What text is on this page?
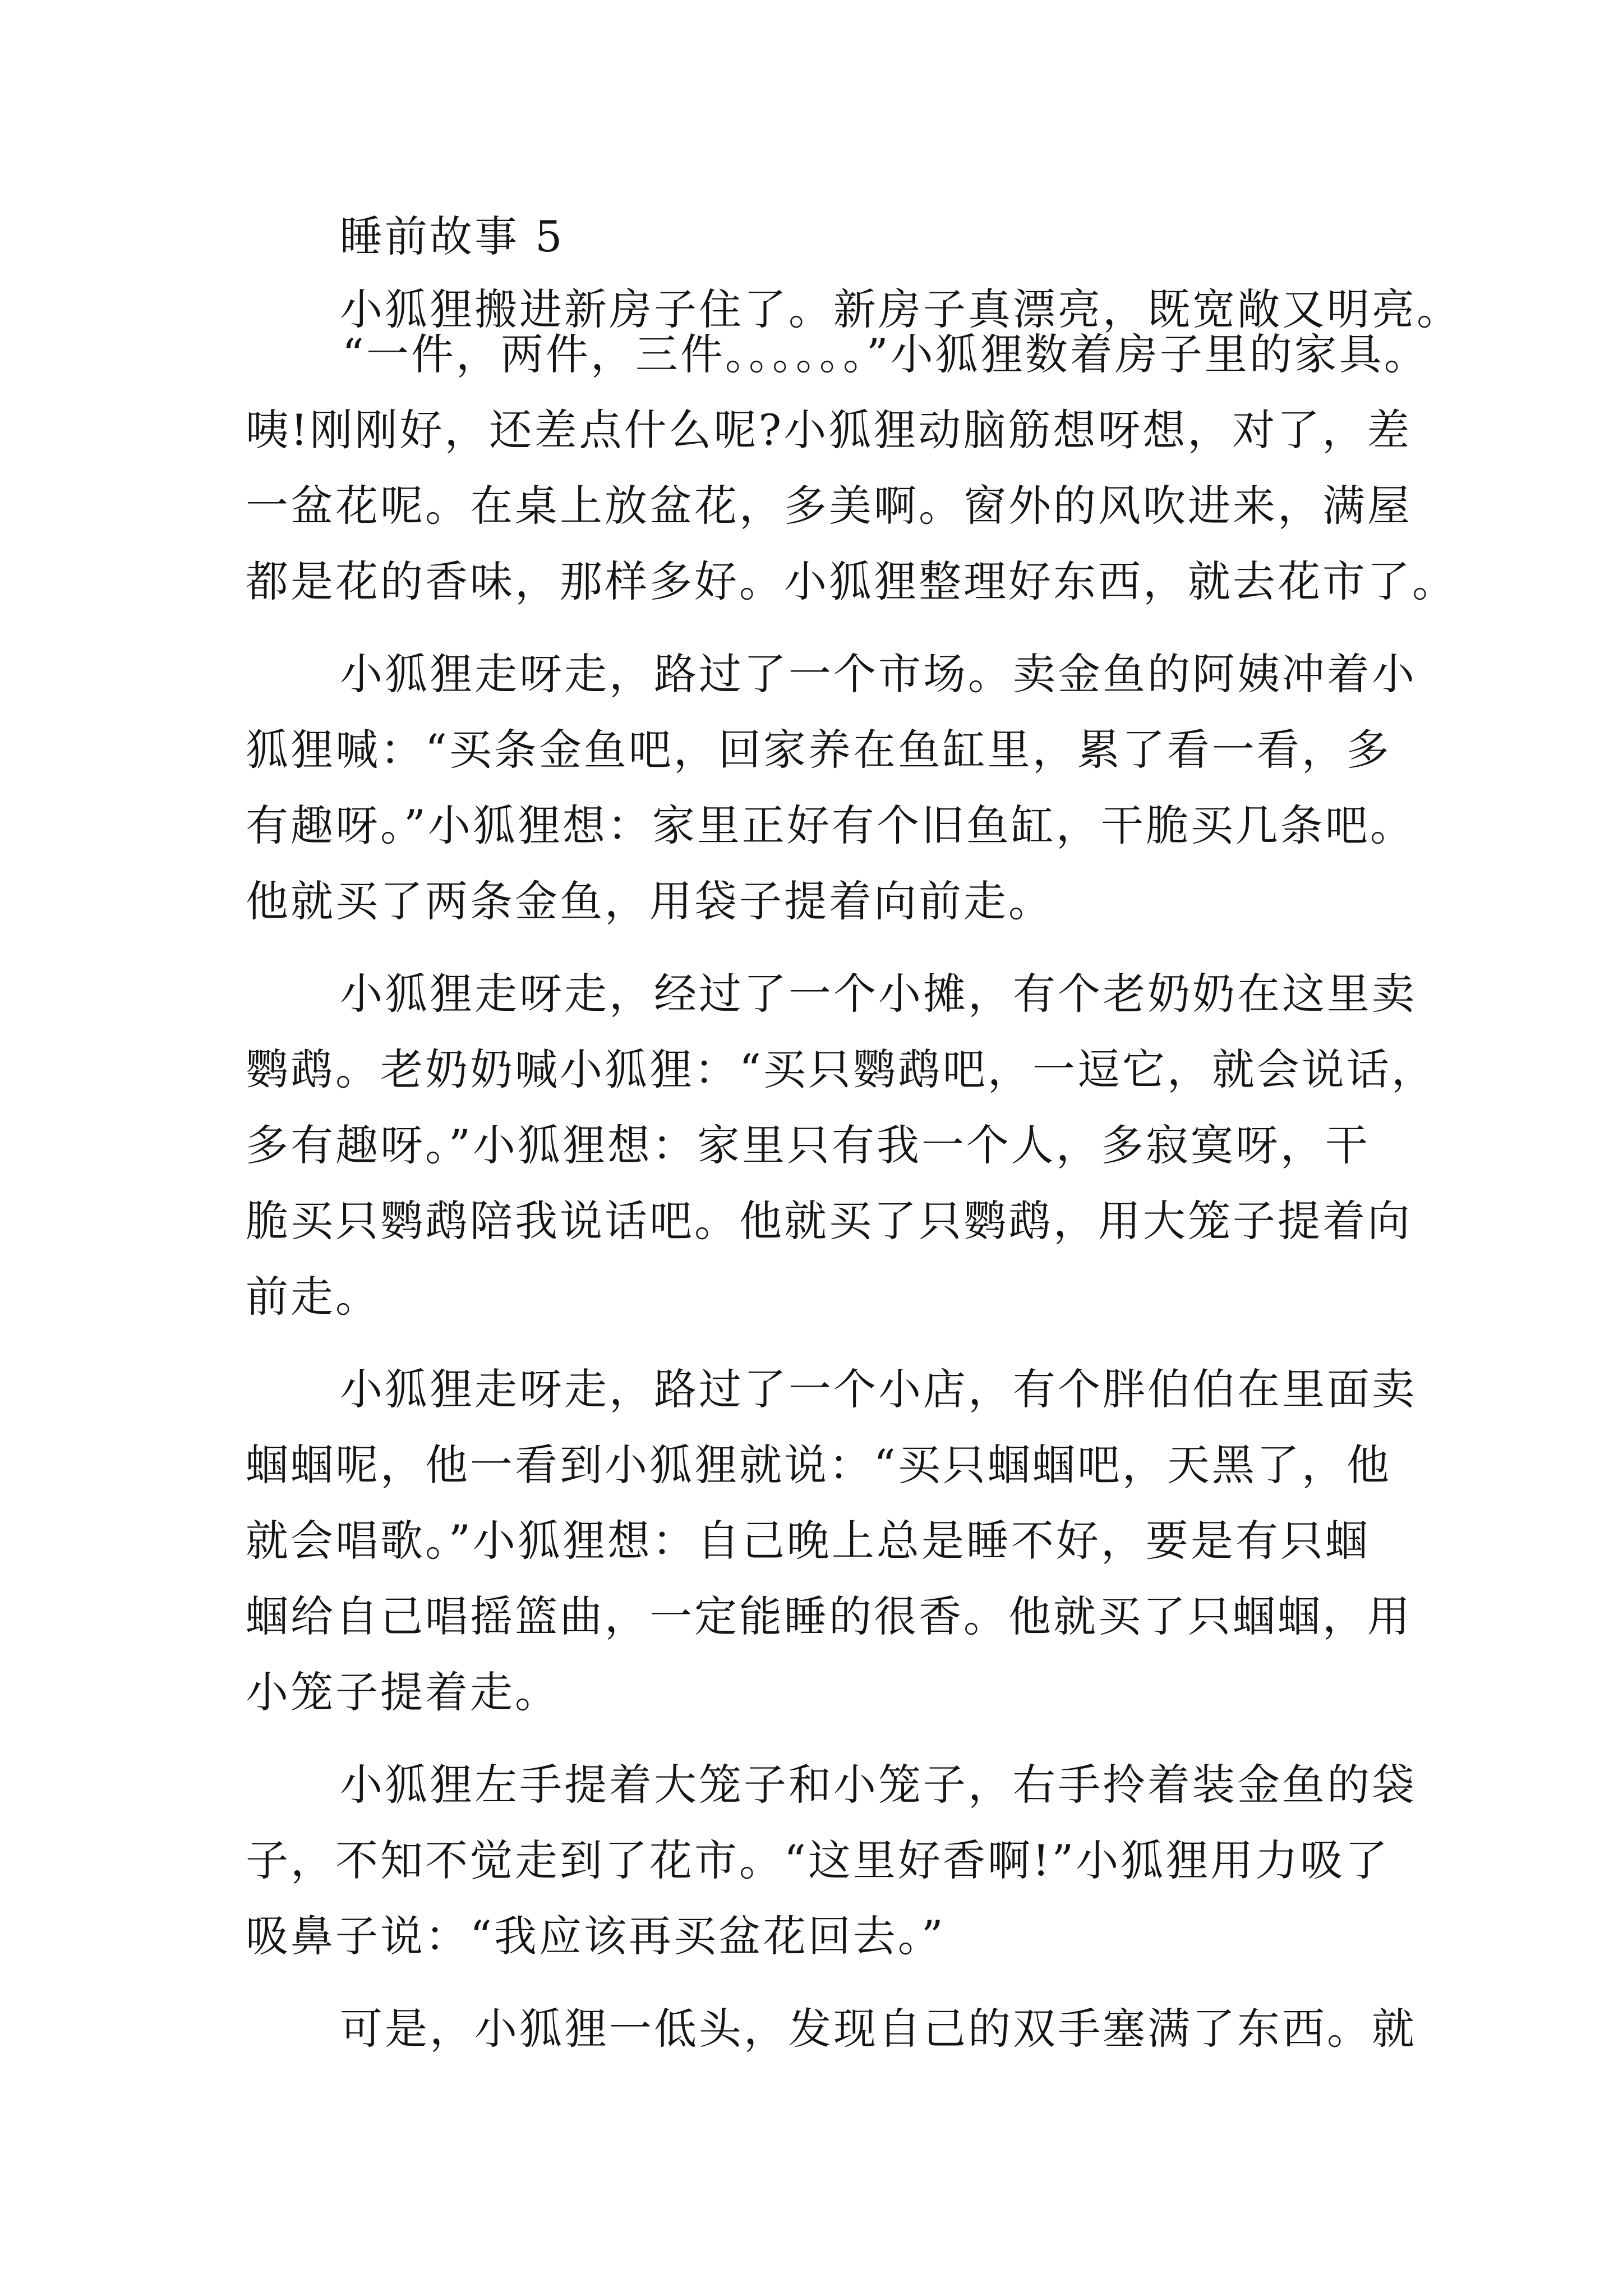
睡前故事 5
小狐狸搬进新房子住了。新房子真漂亮，既宽敞又明亮。
“一件，两件，三件。。。。。。”小狐狸数着房子里的家具。
咦!刚刚好，还差点什么呢?小狐狸动脑筋想呀想，对了，差
一盆花呢。在桌上放盆花，多美啊。窗外的风吹进来，满屋
都是花的香味，那样多好。小狐狸整理好东西，就去花市了。
小狐狸走呀走，路过了一个市场。卖金鱼的阿姨冲着小
狐狸喊：“买条金鱼吧，回家养在鱼缸里，累了看一看，多
有趣呀。”小狐狸想：家里正好有个旧鱼缸，干脆买几条吧。
他就买了两条金鱼，用袋子提着向前走。
小狐狸走呀走，经过了一个小摊，有个老奶奶在这里卖
鹦鹉。老奶奶喊小狐狸：“买只鹦鹉吧，一逗它，就会说话，
多有趣呀。”小狐狸想：家里只有我一个人，多寂寞呀，干
脆买只鹦鹉陪我说话吧。他就买了只鹦鹉，用大笼子提着向
前走。
小狐狸走呀走，路过了一个小店，有个胖伯伯在里面卖
蝈蝈呢，他一看到小狐狸就说：“买只蝈蝈吧，天黑了，他
就会唱歌。”小狐狸想：自己晚上总是睡不好，要是有只蝈
蝈给自己唱摇篮曲，一定能睡的很香。他就买了只蝈蝈，用
小笼子提着走。
小狐狸左手提着大笼子和小笼子，右手拎着装金鱼的袋
子，不知不觉走到了花市。“这里好香啊!”小狐狸用力吸了
吸鼻子说：“我应该再买盆花回去。”
可是，小狐狸一低头，发现自己的双手塞满了东西。就
